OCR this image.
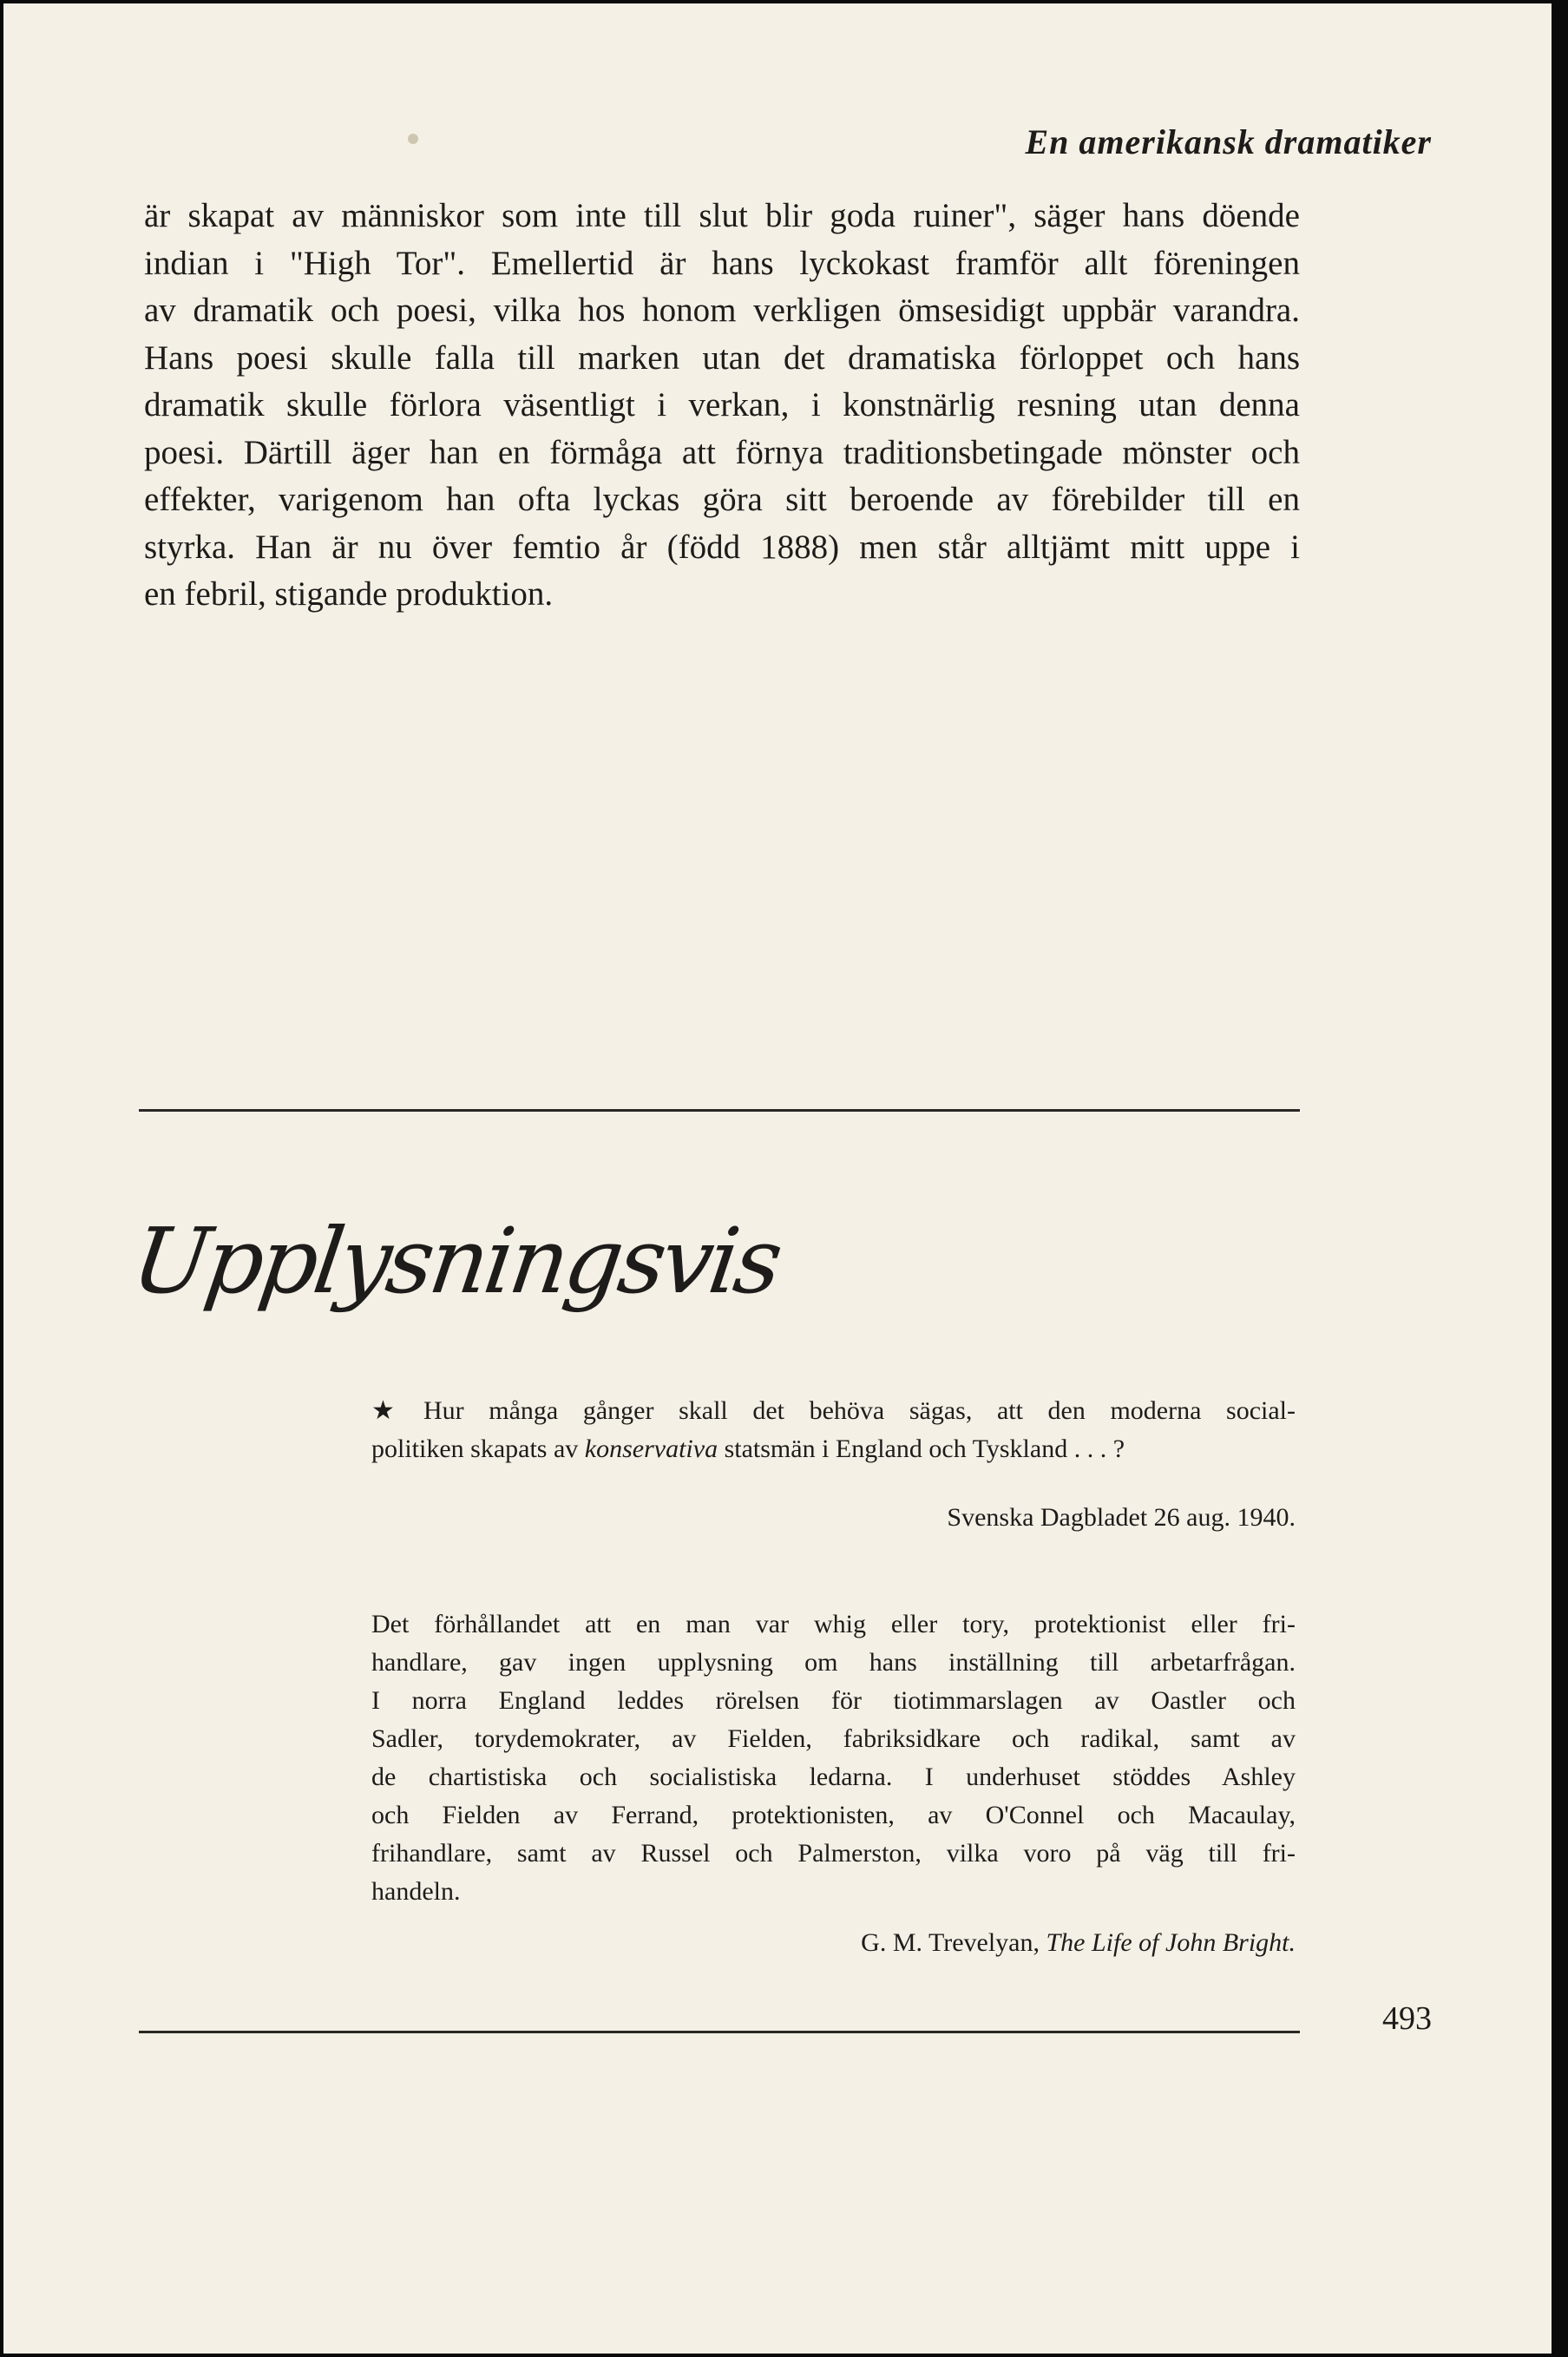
En amerikansk dramatiker

är skapat av människor som inte till slut blir goda ruiner", säger hans döende
indian i "High Tor". Emellertid är hans lyckokast framför allt föreningen
av dramatik och poesi, vilka hos honom verkligen ömsesidigt uppbär varandra.
Hans poesi skulle falla till marken utan det dramatiska förloppet och hans
dramatik skulle förlora väsentligt i verkan, i konstnärlig resning utan denna
poesi. Därtill äger han en förmåga att förnya traditionsbetingade mönster och
effekter, varigenom han ofta lyckas göra sitt beroende av förebilder till en
styrka. Han är nu över femtio år (född 1888) men står alltjämt mitt uppe i
en febril, stigande produktion.

Upplysningsvis
★ Hur många gånger skall det behöva sägas, att den moderna social-
politiken skapats av konservativa statsmän i England och Tyskland . . . ?
Svenska Dagbladet 26 aug. 1940.
Det förhållandet att en man var whig eller tory, protektionist eller fri-
handlare, gav ingen upplysning om hans inställning till arbetarfrågan.
I norra England leddes rörelsen för tiotimmarslagen av Oastler och
Sadler, torydemokrater, av Fielden, fabriksidkare och radikal, samt av
de chartistiska och socialistiska ledarna. I underhuset stöddes Ashley
och Fielden av Ferrand, protektionisten, av O'Connel och Macaulay,
frihandlare, samt av Russel och Palmerston, vilka voro på väg till fri-
handeln.
G. M. Trevelyan, The Life of John Bright.
493
